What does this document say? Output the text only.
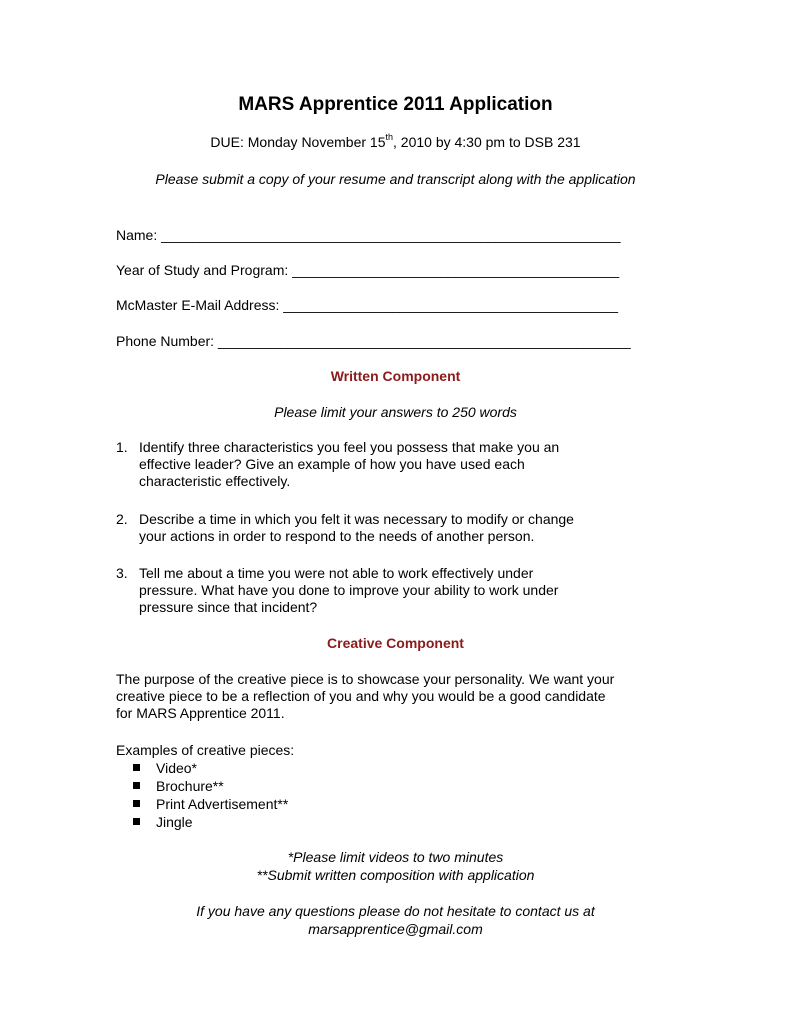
MARS Apprentice 2011 Application
DUE: Monday November 15th, 2010 by 4:30 pm to DSB 231
Please submit a copy of your resume and transcript along with the application
Name: ___________________________________________________________
Year of Study and Program: __________________________________________
McMaster E-Mail Address: ___________________________________________
Phone Number: _____________________________________________________
Written Component
Please limit your answers to 250 words
1. Identify three characteristics you feel you possess that make you an
effective leader? Give an example of how you have used each
characteristic effectively.
2. Describe a time in which you felt it was necessary to modify or change
your actions in order to respond to the needs of another person.
3. Tell me about a time you were not able to work effectively under
pressure. What have you done to improve your ability to work under
pressure since that incident?
Creative Component
The purpose of the creative piece is to showcase your personality. We want your
creative piece to be a reflection of you and why you would be a good candidate
for MARS Apprentice 2011.
Examples of creative pieces:
Video*
Brochure**
Print Advertisement**
Jingle
*Please limit videos to two minutes
**Submit written composition with application
If you have any questions please do not hesitate to contact us at
marsapprentice@gmail.com
